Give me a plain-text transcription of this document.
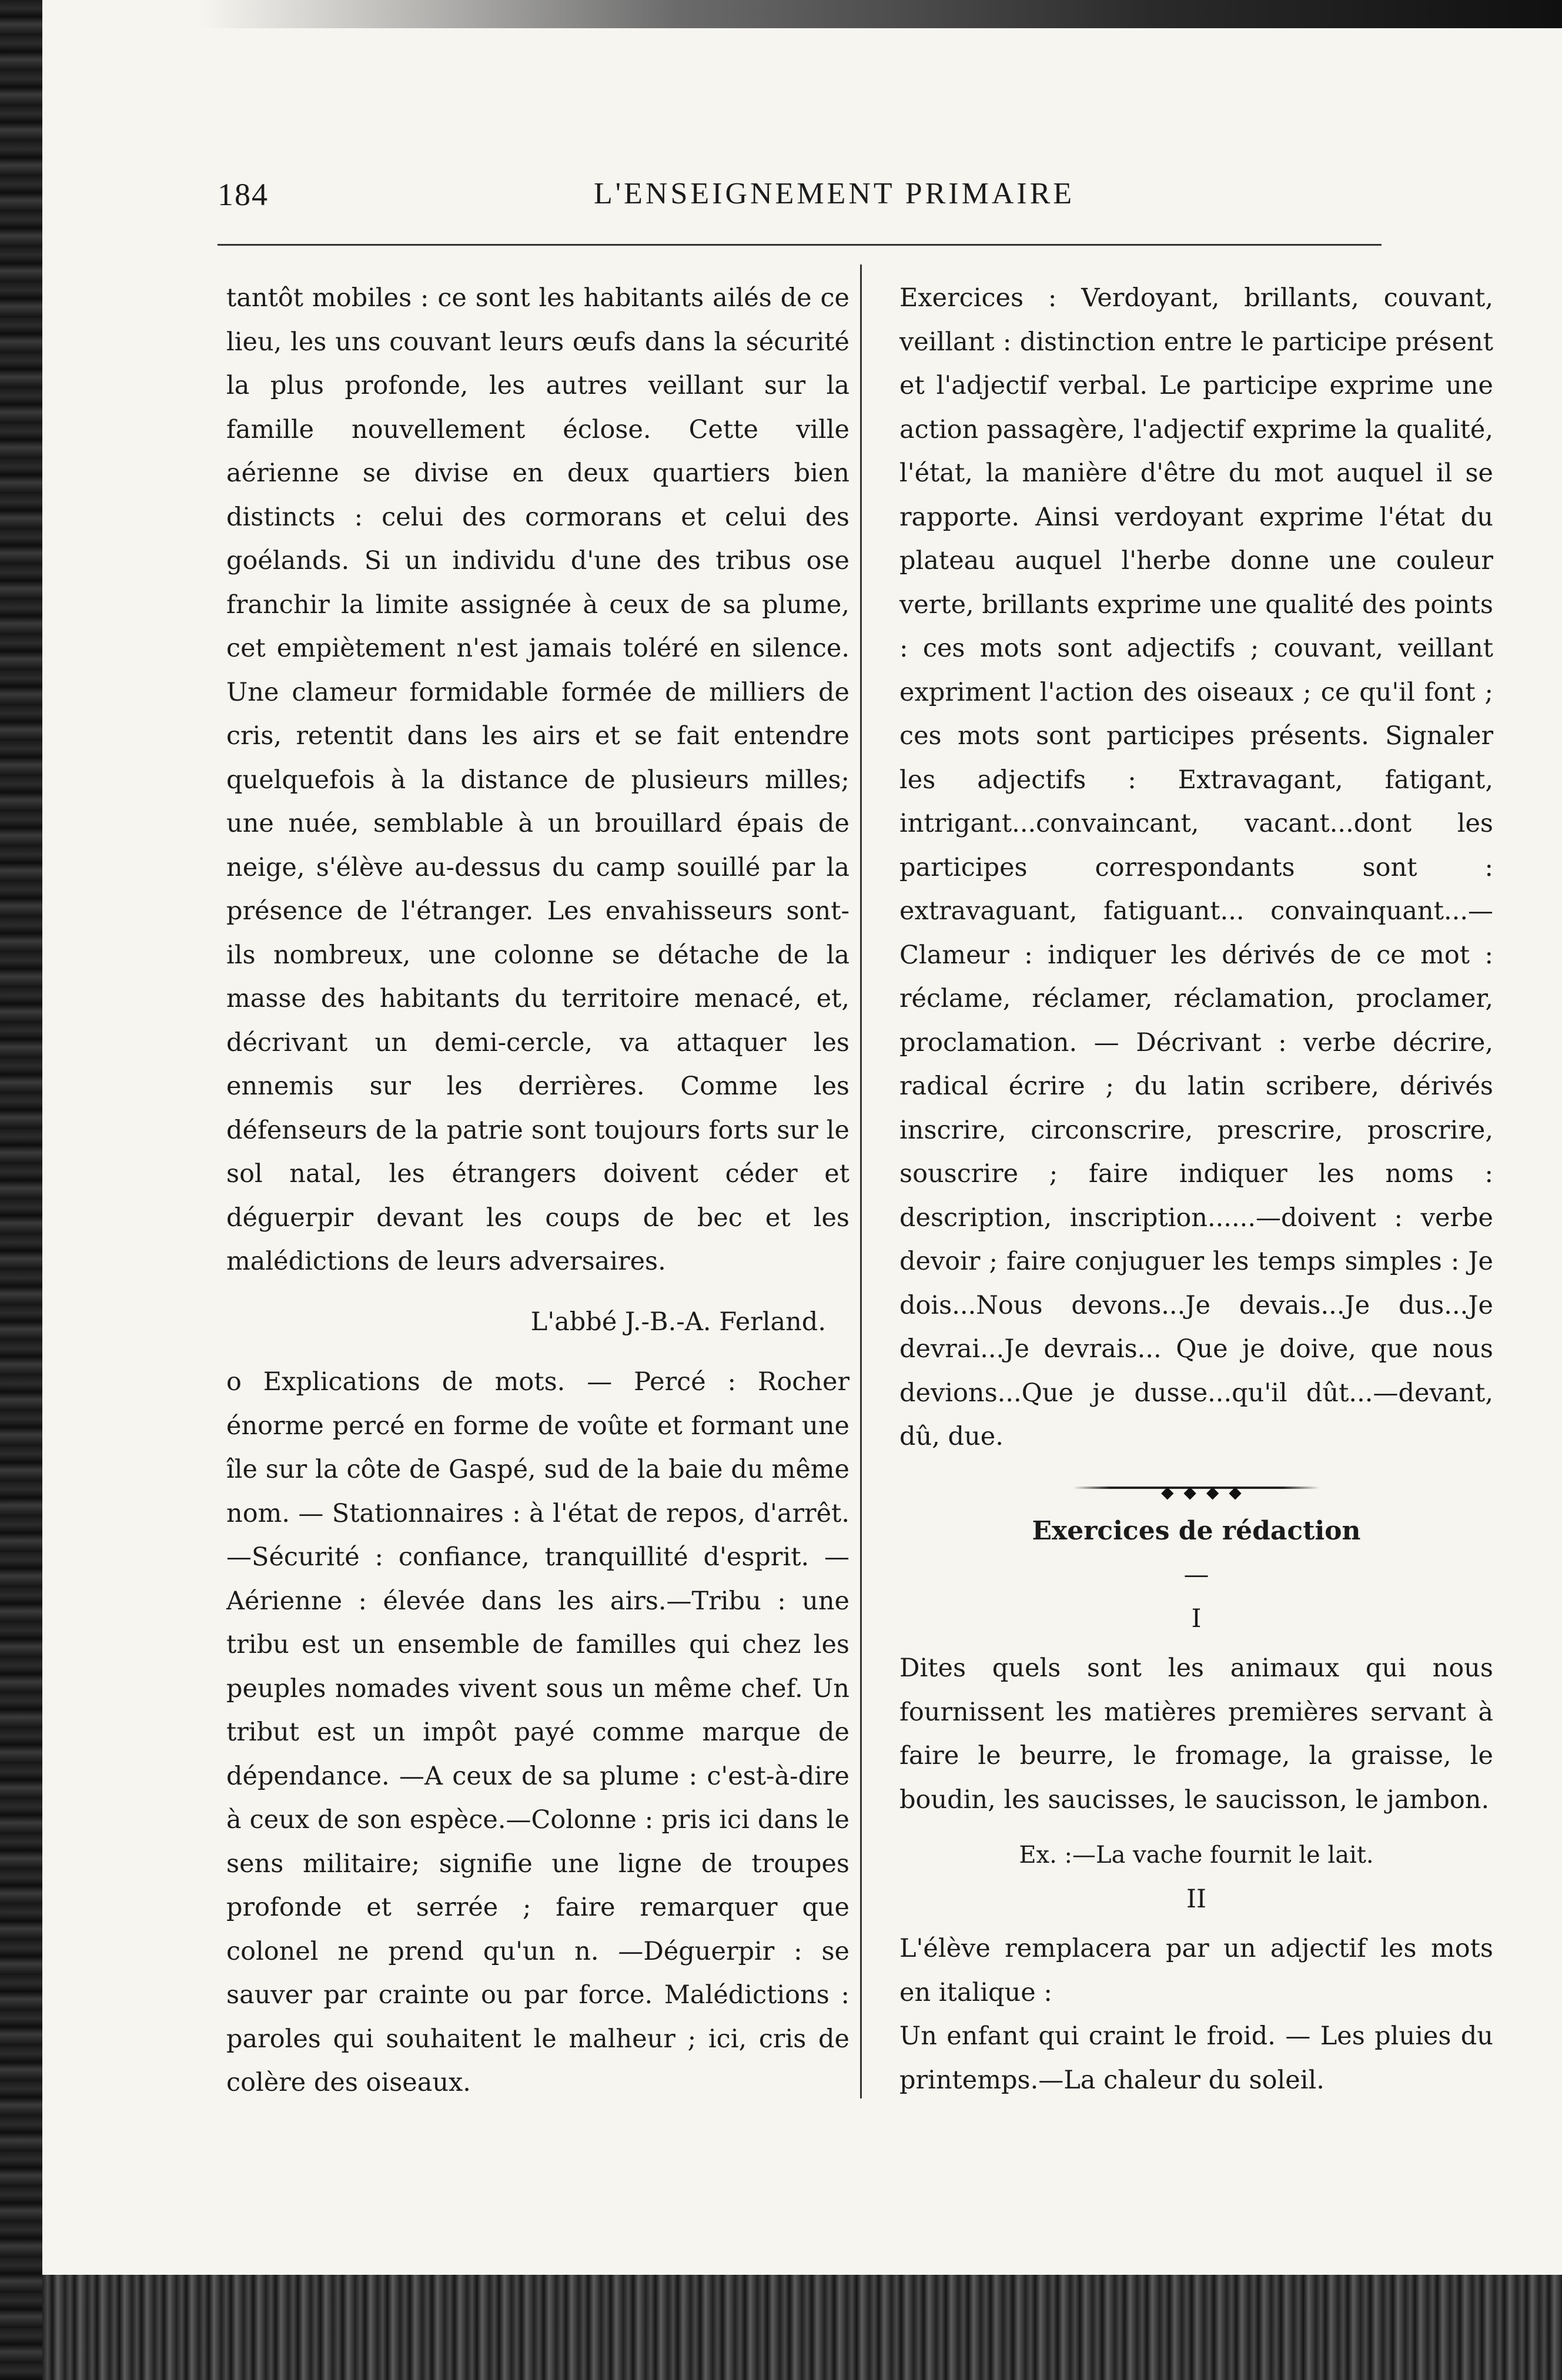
184	L'ENSEIGNEMENT PRIMAIRE

tantôt mobiles : ce sont les habitants ailés de ce lieu, les uns couvant leurs œufs dans la sécurité la plus profonde, les autres veillant sur la famille nouvellement éclose. Cette ville aérienne se divise en deux quartiers bien distincts : celui des cormorans et celui des goélands. Si un individu d'une des tribus ose franchir la limite assignée à ceux de sa plume, cet empiètement n'est jamais toléré en silence. Une clameur formidable formée de milliers de cris, retentit dans les airs et se fait entendre quelquefois à la distance de plusieurs milles; une nuée, semblable à un brouillard épais de neige, s'élève au-dessus du camp souillé par la présence de l'étranger. Les envahisseurs sont-ils nombreux, une colonne se détache de la masse des habitants du territoire menacé, et, décrivant un demi-cercle, va attaquer les ennemis sur les derrières. Comme les défenseurs de la patrie sont toujours forts sur le sol natal, les étrangers doivent céder et déguerpir devant les coups de bec et les malédictions de leurs adversaires.

L'abbé J.-B.-A. Ferland.

o Explications de mots. — Percé : Rocher énorme percé en forme de voûte et formant une île sur la côte de Gaspé, sud de la baie du même nom. — Stationnaires : à l'état de repos, d'arrêt.—Sécurité : confiance, tranquillité d'esprit. — Aérienne : élevée dans les airs.—Tribu : une tribu est un ensemble de familles qui chez les peuples nomades vivent sous un même chef. Un tribut est un impôt payé comme marque de dépendance. —A ceux de sa plume : c'est-à-dire à ceux de son espèce.—Colonne : pris ici dans le sens militaire; signifie une ligne de troupes profonde et serrée ; faire remarquer que colonel ne prend qu'un n. —Déguerpir : se sauver par crainte ou par force. Malédictions : paroles qui souhaitent le malheur ; ici, cris de colère des oiseaux.

Exercices : Verdoyant, brillants, couvant, veillant : distinction entre le participe présent et l'adjectif verbal. Le participe exprime une action passagère, l'adjectif exprime la qualité, l'état, la manière d'être du mot auquel il se rapporte. Ainsi verdoyant exprime l'état du plateau auquel l'herbe donne une couleur verte, brillants exprime une qualité des points : ces mots sont adjectifs ; couvant, veillant expriment l'action des oiseaux ; ce qu'il font ; ces mots sont participes présents. Signaler les adjectifs : Extravagant, fatigant, intrigant...convaincant, vacant...dont les participes correspondants sont : extravaguant, fatiguant... convainquant...—Clameur : indiquer les dérivés de ce mot : réclame, réclamer, réclamation, proclamer, proclamation. — Décrivant : verbe décrire, radical écrire ; du latin scribere, dérivés inscrire, circonscrire, prescrire, proscrire, souscrire ; faire indiquer les noms : description, inscription......—doivent : verbe devoir ; faire conjuguer les temps simples : Je dois...Nous devons...Je devais...Je dus...Je devrai...Je devrais... Que je doive, que nous devions...Que je dusse...qu'il dût...—devant, dû, due.

◆ ◆ ◆ ◆

Exercices de rédaction

—

I

Dites quels sont les animaux qui nous fournissent les matières premières servant à faire le beurre, le fromage, la graisse, le boudin, les saucisses, le saucisson, le jambon.

Ex. :—La vache fournit le lait.

II

L'élève remplacera par un adjectif les mots en italique :

Un enfant qui craint le froid. — Les pluies du printemps.—La chaleur du soleil.
